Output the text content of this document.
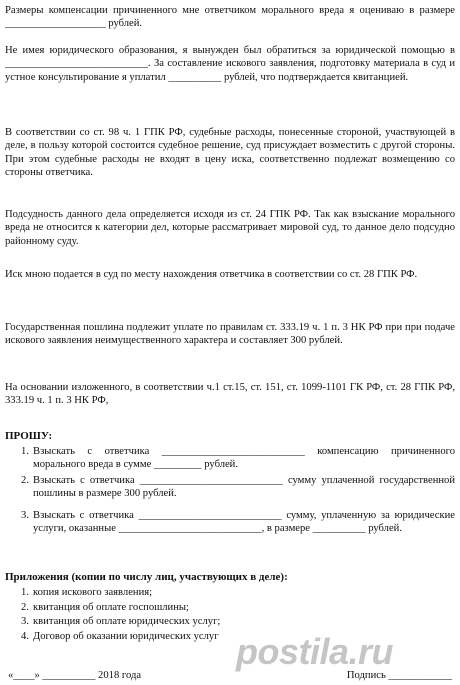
Размеры компенсации причиненного мне ответчиком морального вреда я оцениваю в размере ___________________ рублей.
Не имея юридического образования, я вынужден был обратиться за юридической помощью в ___________________________. За составление искового заявления, подготовку материала в суд и устное консультирование я уплатил __________ рублей, что подтверждается квитанцией.
В соответствии со ст. 98 ч. 1 ГПК РФ, судебные расходы, понесенные стороной, участвующей в деле, в пользу которой состоится судебное решение, суд присуждает возместить с другой стороны. При этом судебные расходы не входят в цену иска, соответственно подлежат возмещению со стороны ответчика.
Подсудность данного дела определяется исходя из ст. 24 ГПК РФ. Так как взыскание морального вреда не относится к категории дел, которые рассматривает мировой суд, то данное дело подсудно районному суду.
Иск мною подается в суд по месту нахождения ответчика в соответствии со ст. 28 ГПК РФ.
Государственная пошлина подлежит уплате по правилам ст. 333.19 ч. 1 п. 3 НК РФ при при подаче искового заявления неимущественного характера и составляет 300 рублей.
На основании изложенного, в соответствии ч.1 ст.15, ст. 151, ст. 1099-1101 ГК РФ, ст. 28 ГПК РФ, 333.19 ч. 1 п. 3 НК РФ,
ПРОШУ:
1. Взыскать с ответчика ___________________________ компенсацию причиненного морального вреда в сумме _________ рублей.
2. Взыскать с ответчика ___________________________ сумму уплаченной государственной пошлины в размере 300 рублей.
3. Взыскать с ответчика ___________________________ сумму, уплаченную за юридические услуги, оказанные ___________________________, в размере __________ рублей.
Приложения (копии по числу лиц, участвующих в деле):
1. копия искового заявления;
2. квитанция об оплате госпошлины;
3. квитанция об оплате юридических услуг;
4. Договор об оказании юридических услуг postila.ru
«____» __________ 2018 года	Подпись ____________
